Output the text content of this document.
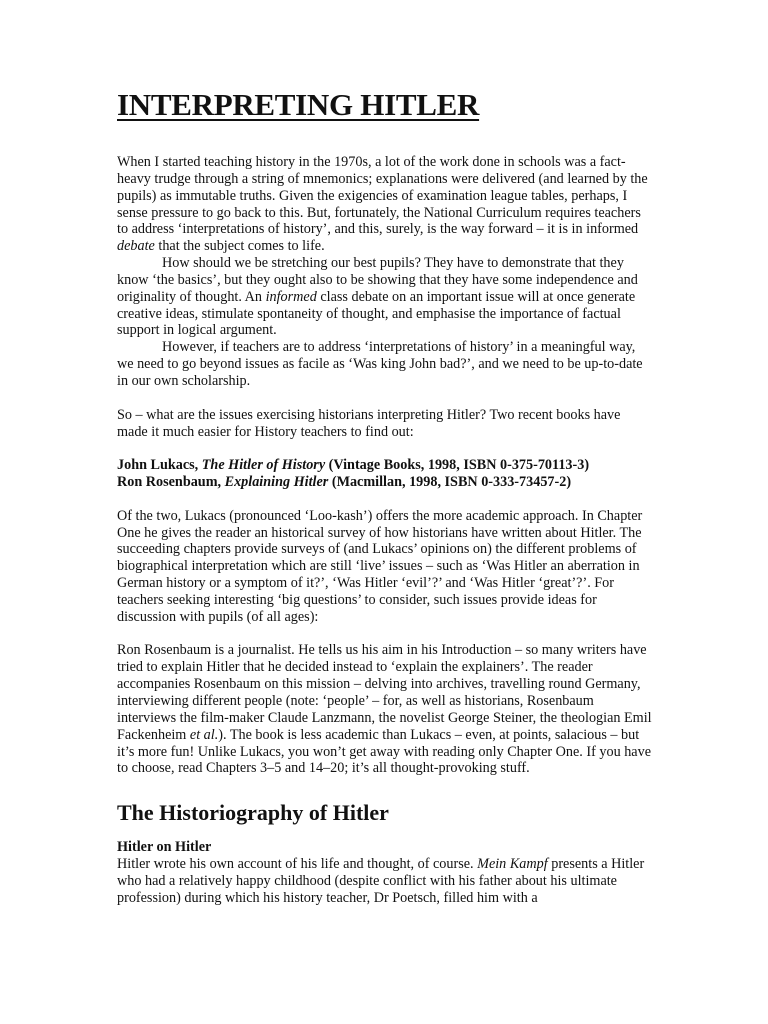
INTERPRETING HITLER

When I started teaching history in the 1970s, a lot of the work done in schools was a fact-heavy trudge through a string of mnemonics; explanations were delivered (and learned by the pupils) as immutable truths. Given the exigencies of examination league tables, perhaps, I sense pressure to go back to this. But, fortunately, the National Curriculum requires teachers to address ‘interpretations of history’, and this, surely, is the way forward – it is in informed debate that the subject comes to life.

How should we be stretching our best pupils? They have to demonstrate that they know ‘the basics’, but they ought also to be showing that they have some independence and originality of thought. An informed class debate on an important issue will at once generate creative ideas, stimulate spontaneity of thought, and emphasise the importance of factual support in logical argument.

However, if teachers are to address ‘interpretations of history’ in a meaningful way, we need to go beyond issues as facile as ‘Was king John bad?’, and we need to be up-to-date in our own scholarship.

So – what are the issues exercising historians interpreting Hitler? Two recent books have made it much easier for History teachers to find out:

John Lukacs, The Hitler of History (Vintage Books, 1998, ISBN 0-375-70113-3)

Ron Rosenbaum, Explaining Hitler (Macmillan, 1998, ISBN 0-333-73457-2)

Of the two, Lukacs (pronounced ‘Loo-kash’) offers the more academic approach. In Chapter One he gives the reader an historical survey of how historians have written about Hitler. The succeeding chapters provide surveys of (and Lukacs’ opinions on) the different problems of biographical interpretation which are still ‘live’ issues – such as ‘Was Hitler an aberration in German history or a symptom of it?’, ‘Was Hitler ‘evil’?’ and ‘Was Hitler ‘great’?’. For teachers seeking interesting ‘big questions’ to consider, such issues provide ideas for discussion with pupils (of all ages):

Ron Rosenbaum is a journalist. He tells us his aim in his Introduction – so many writers have tried to explain Hitler that he decided instead to ‘explain the explainers’. The reader accompanies Rosenbaum on this mission – delving into archives, travelling round Germany, interviewing different people (note: ‘people’ – for, as well as historians, Rosenbaum interviews the film-maker Claude Lanzmann, the novelist George Steiner, the theologian Emil Fackenheim et al.). The book is less academic than Lukacs – even, at points, salacious – but it’s more fun! Unlike Lukacs, you won’t get away with reading only Chapter One. If you have to choose, read Chapters 3–5 and 14–20; it’s all thought-provoking stuff.

The Historiography of Hitler
Hitler on Hitler

Hitler wrote his own account of his life and thought, of course. Mein Kampf presents a Hitler who had a relatively happy childhood (despite conflict with his father about his ultimate profession) during which his history teacher, Dr Poetsch, filled him with a
